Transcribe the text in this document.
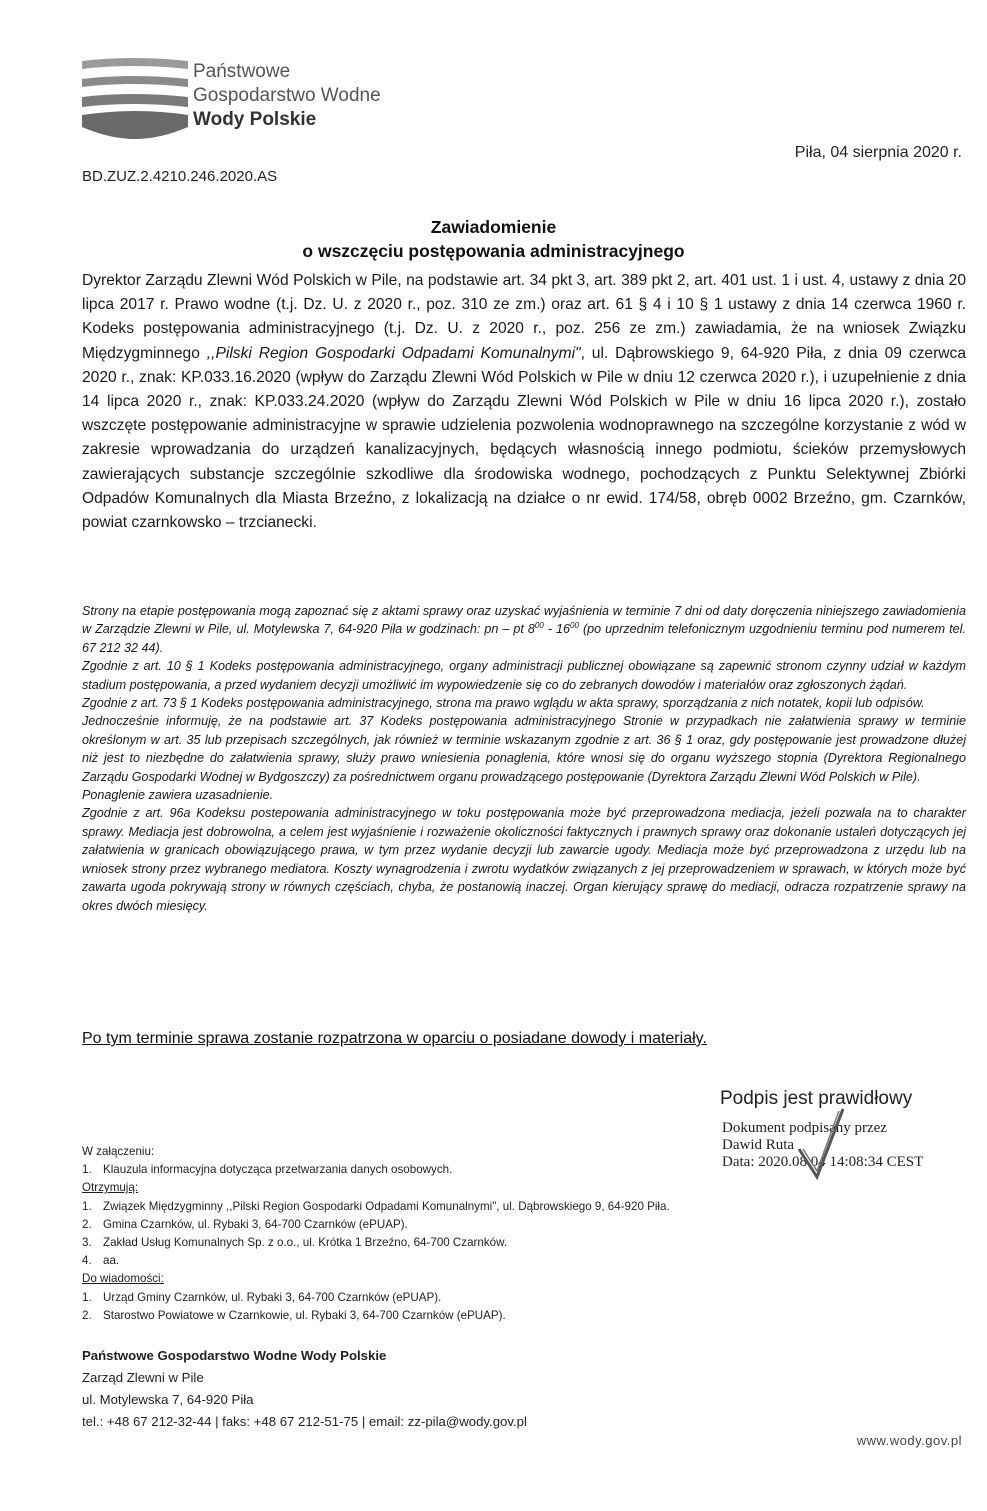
Państwowe
Gospodarstwo Wodne
Wody Polskie
Piła, 04 sierpnia 2020 r.
BD.ZUZ.2.4210.246.2020.AS
Zawiadomienie
o wszczęciu postępowania administracyjnego
Dyrektor Zarządu Zlewni Wód Polskich w Pile, na podstawie art. 34 pkt 3, art. 389 pkt 2, art. 401 ust. 1 i ust. 4, ustawy z dnia 20 lipca 2017 r. Prawo wodne (t.j. Dz. U. z 2020 r., poz. 310 ze zm.) oraz art. 61 § 4 i 10 § 1 ustawy z dnia 14 czerwca 1960 r. Kodeks postępowania administracyjnego (t.j. Dz. U. z 2020 r., poz. 256 ze zm.) zawiadamia, że na wniosek Związku Międzygminnego ,,Pilski Region Gospodarki Odpadami Komunalnymi", ul. Dąbrowskiego 9, 64-920 Piła, z dnia 09 czerwca 2020 r., znak: KP.033.16.2020 (wpływ do Zarządu Zlewni Wód Polskich w Pile w dniu 12 czerwca 2020 r.), i uzupełnienie z dnia 14 lipca 2020 r., znak: KP.033.24.2020 (wpływ do Zarządu Zlewni Wód Polskich w Pile w dniu 16 lipca 2020 r.), zostało wszczęte postępowanie administracyjne w sprawie udzielenia pozwolenia wodnoprawnego na szczególne korzystanie z wód w zakresie wprowadzania do urządzeń kanalizacyjnych, będących własnością innego podmiotu, ścieków przemysłowych zawierających substancje szczególnie szkodliwe dla środowiska wodnego, pochodzących z Punktu Selektywnej Zbiórki Odpadów Komunalnych dla Miasta Brzeźno, z lokalizacją na działce o nr ewid. 174/58, obręb 0002 Brzeźno, gm. Czarnków, powiat czarnkowsko – trzcianecki.

Strony na etapie postępowania mogą zapoznać się z aktami sprawy oraz uzyskać wyjaśnienia w terminie 7 dni od daty doręczenia niniejszego zawiadomienia w Zarządzie Zlewni w Pile, ul. Motylewska 7, 64-920 Piła w godzinach: pn – pt $8^{00} - 16^{00}$ (po uprzednim telefonicznym uzgodnieniu terminu pod numerem tel. 67 212 32 44).

Zgodnie z art. 10 § 1 Kodeks postępowania administracyjnego, organy administracji publicznej obowiązane są zapewnić stronom czynny udział w każdym stadium postępowania, a przed wydaniem decyzji umożliwić im wypowiedzenie się co do zebranych dowodów i materiałów oraz zgłoszonych żądań.

Zgodnie z art. 73 § 1 Kodeks postępowania administracyjnego, strona ma prawo wglądu w akta sprawy, sporządzania z nich notatek, kopii lub odpisów.

Jednocześnie informuję, że na podstawie art. 37 Kodeks postępowania administracyjnego Stronie w przypadkach nie załatwienia sprawy w terminie określonym w art. 35 lub przepisach szczególnych, jak również w terminie wskazanym zgodnie z art. 36 § 1 oraz, gdy postępowanie jest prowadzone dłużej niż jest to niezbędne do załatwienia sprawy, służy prawo wniesienia ponaglenia, które wnosi się do organu wyższego stopnia (Dyrektora Regionalnego Zarządu Gospodarki Wodnej w Bydgoszczy) za pośrednictwem organu prowadzącego postępowanie (Dyrektora Zarządu Zlewni Wód Polskich w Pile).

Ponaglenie zawiera uzasadnienie.

Zgodnie z art. 96a Kodeksu postepowania administracyjnego w toku postępowania może być przeprowadzona mediacja, jeżeli pozwala na to charakter sprawy. Mediacja jest dobrowolna, a celem jest wyjaśnienie i rozważenie okoliczności faktycznych i prawnych sprawy oraz dokonanie ustaleń dotyczących jej załatwienia w granicach obowiązującego prawa, w tym przez wydanie decyzji lub zawarcie ugody. Mediacja może być przeprowadzona z urzędu lub na wniosek strony przez wybranego mediatora. Koszty wynagrodzenia i zwrotu wydatków związanych z jej przeprowadzeniem w sprawach, w których może być zawarta ugoda pokrywają strony w równych częściach, chyba, że postanowią inaczej. Organ kierujący sprawę do mediacji, odracza rozpatrzenie sprawy na okres dwóch miesięcy.

Po tym terminie sprawa zostanie rozpatrzona w oparciu o posiadane dowody i materiały.
Podpis jest prawidłowy
Dokument podpisany przez
Dawid Ruta
Data: 2020.08.04 14:08:34 CEST
W załączeniu:
1. Klauzula informacyjna dotycząca przetwarzania danych osobowych.
Otrzymują:
1. Związek Międzygminny ,,Pilski Region Gospodarki Odpadami Komunalnymi", ul. Dąbrowskiego 9, 64-920 Piła.
2. Gmina Czarnków, ul. Rybaki 3, 64-700 Czarnków (ePUAP).
3. Zakład Usług Komunalnych Sp. z o.o., ul. Krótka 1 Brzeźno, 64-700 Czarnków.
4. aa.
Do wiadomości:
1. Urząd Gminy Czarnków, ul. Rybaki 3, 64-700 Czarnków (ePUAP).
2. Starostwo Powiatowe w Czarnkowie, ul. Rybaki 3, 64-700 Czarnków (ePUAP).
Państwowe Gospodarstwo Wodne Wody Polskie
Zarząd Zlewni w Pile
ul. Motylewska 7, 64-920 Piła
tel.: +48 67 212-32-44 | faks: +48 67 212-51-75 | email: zz-pila@wody.gov.pl
www.wody.gov.pl
